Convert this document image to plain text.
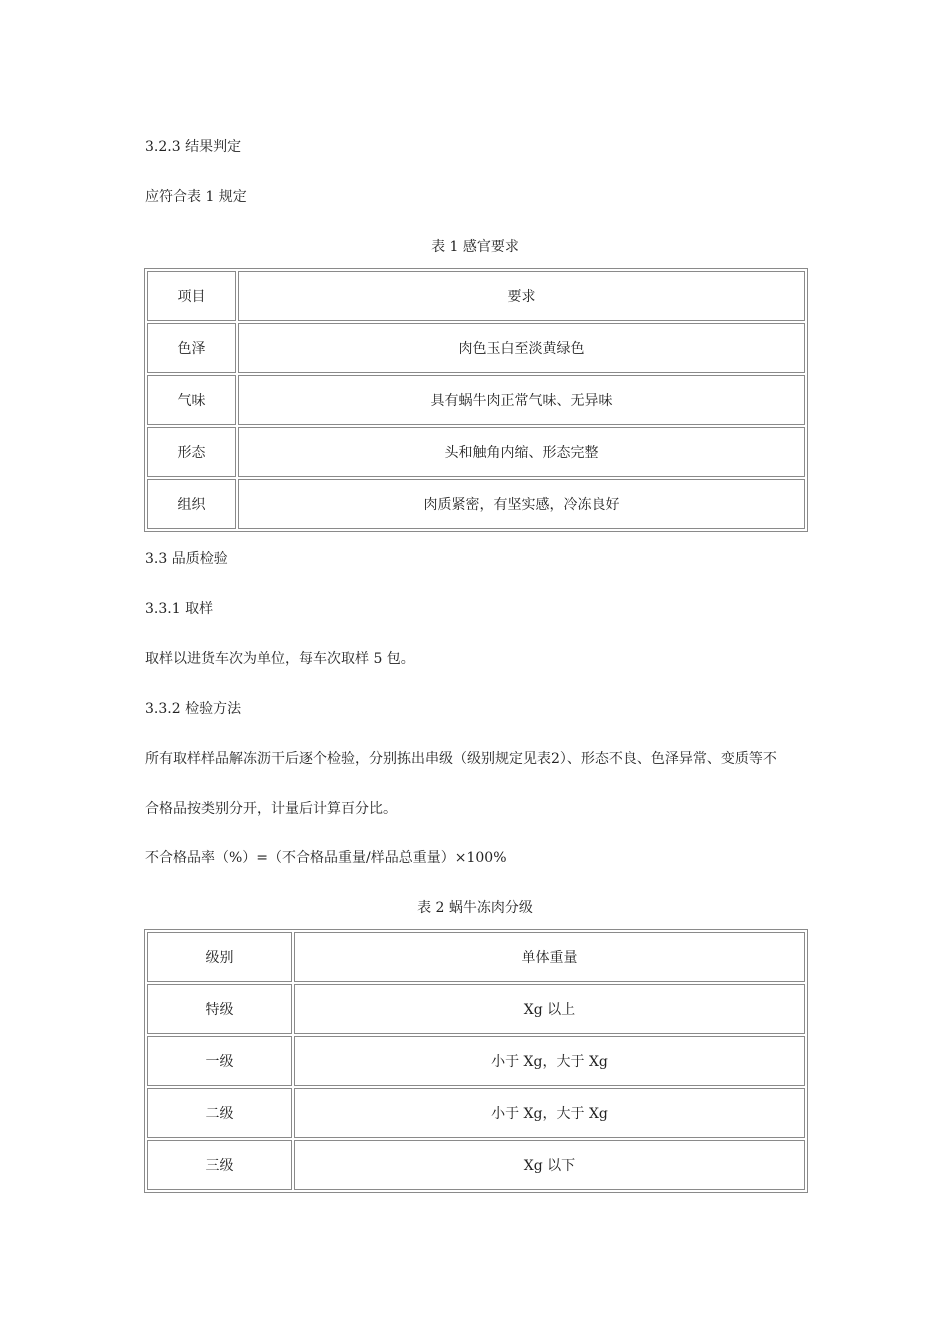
3.2.3 结果判定
应符合表 1 规定
表 1 感官要求
项目	要求
色泽	肉色玉白至淡黄绿色
气味	具有蜗牛肉正常气味、无异味
形态	头和触角内缩、形态完整
组织	肉质紧密，有坚实感，冷冻良好
3.3 品质检验
3.3.1 取样
取样以进货车次为单位，每车次取样 5 包。
3.3.2 检验方法
所有取样样品解冻沥干后逐个检验，分别拣出串级（级别规定见表2）、形态不良、色泽异常、变质等不
合格品按类别分开，计量后计算百分比。
不合格品率（%）=（不合格品重量/样品总重量）×100%
表 2 蜗牛冻肉分级
级别	单体重量
特级	Xg 以上
一级	小于 Xg，大于 Xg
二级	小于 Xg，大于 Xg
三级	Xg 以下
